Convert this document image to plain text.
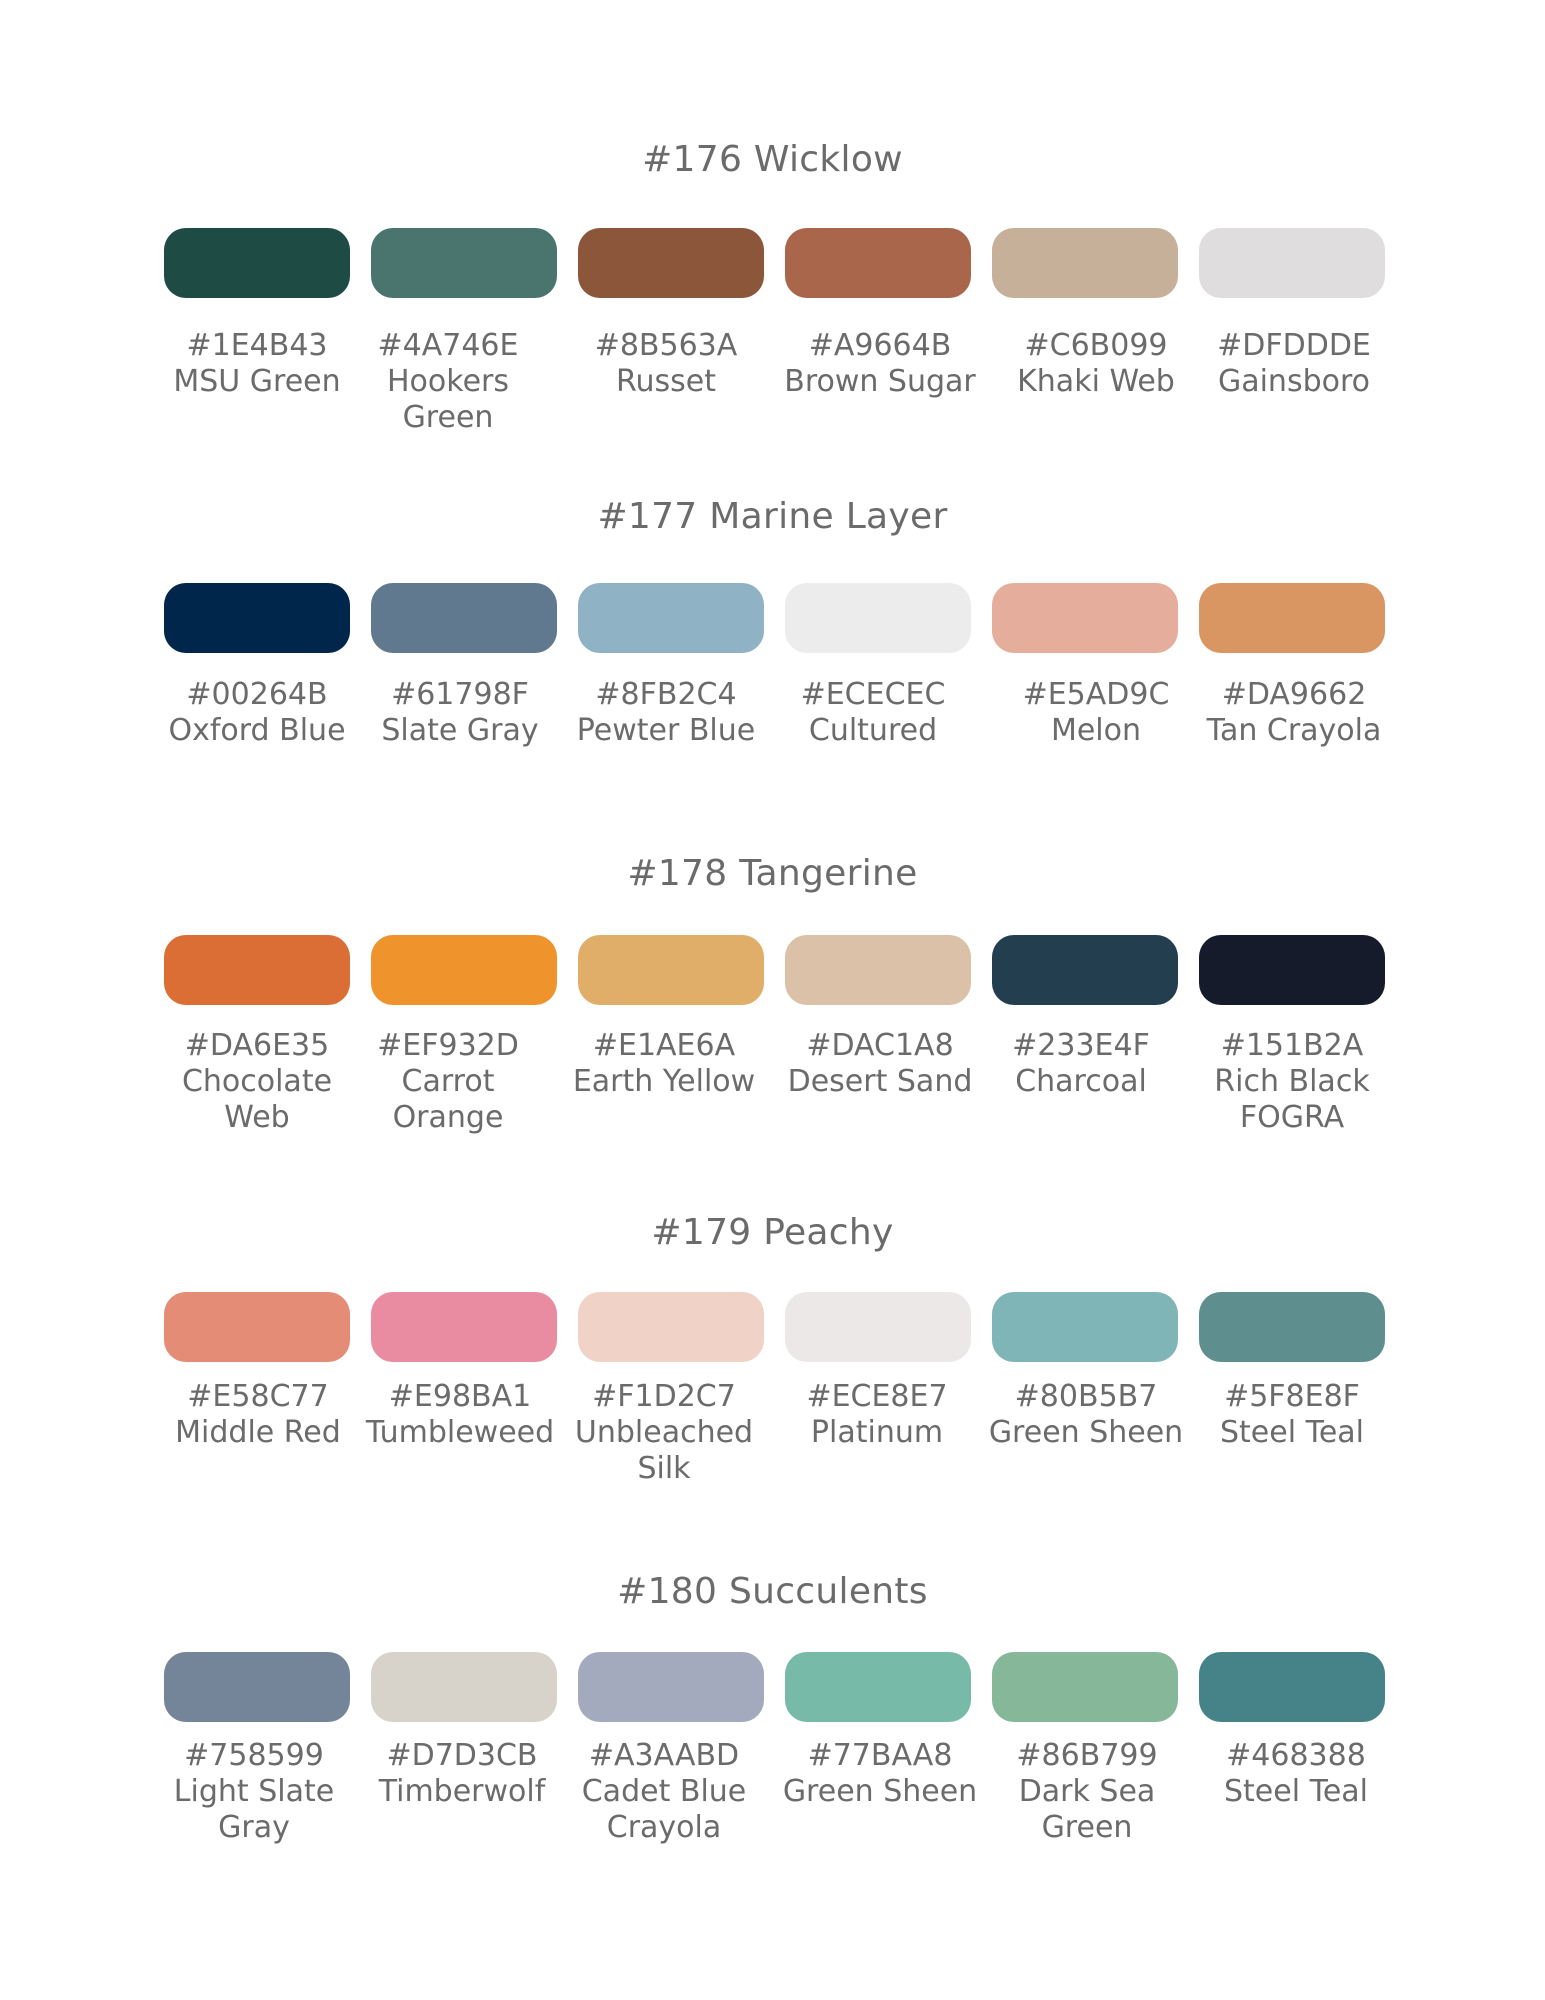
#176 Wicklow
#1E4B43
MSU Green
#4A746E
Hookers Green
#8B563A
Russet
#A9664B
Brown Sugar
#C6B099
Khaki Web
#DFDDDE
Gainsboro
#177 Marine Layer
#00264B
Oxford Blue
#61798F
Slate Gray
#8FB2C4
Pewter Blue
#ECECEC
Cultured
#E5AD9C
Melon
#DA9662
Tan Crayola
#178 Tangerine
#DA6E35
Chocolate Web
#EF932D
Carrot Orange
#E1AE6A
Earth Yellow
#DAC1A8
Desert Sand
#233E4F
Charcoal
#151B2A
Rich Black FOGRA
#179 Peachy
#E58C77
Middle Red
#E98BA1
Tumbleweed
#F1D2C7
Unbleached Silk
#ECE8E7
Platinum
#80B5B7
Green Sheen
#5F8E8F
Steel Teal
#180 Succulents
#758599
Light Slate Gray
#D7D3CB
Timberwolf
#A3AABD
Cadet Blue Crayola
#77BAA8
Green Sheen
#86B799
Dark Sea Green
#468388
Steel Teal
